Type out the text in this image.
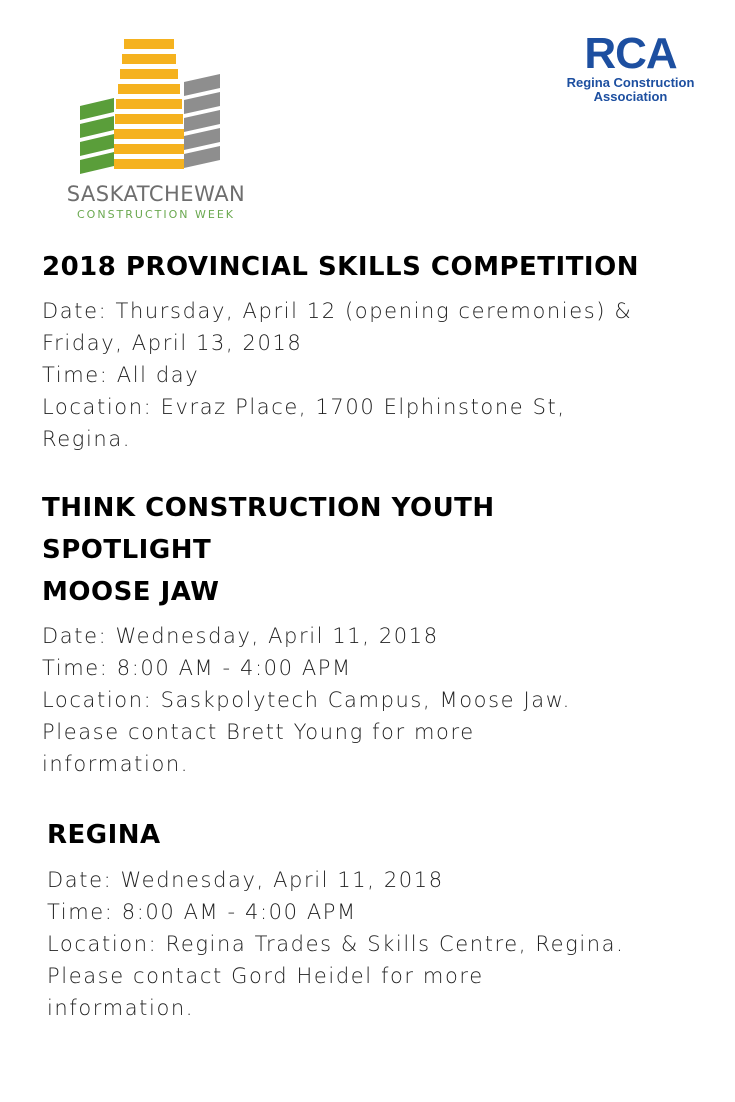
SASKATCHEWAN
CONSTRUCTION WEEK
RCA
Regina Construction
Association
2018 PROVINCIAL SKILLS COMPETITION
Date: Thursday, April 12 (opening ceremonies) &
Friday, April 13, 2018
Time: All day
Location: Evraz Place, 1700 Elphinstone St,
Regina.
THINK CONSTRUCTION YOUTH
SPOTLIGHT
MOOSE JAW
Date: Wednesday, April 11, 2018
Time: 8:00 AM - 4:00 APM
Location: Saskpolytech Campus, Moose Jaw.
Please contact Brett Young for more
information.
REGINA
Date: Wednesday, April 11, 2018
Time: 8:00 AM - 4:00 APM
Location: Regina Trades & Skills Centre, Regina.
Please contact Gord Heidel for more
information.
